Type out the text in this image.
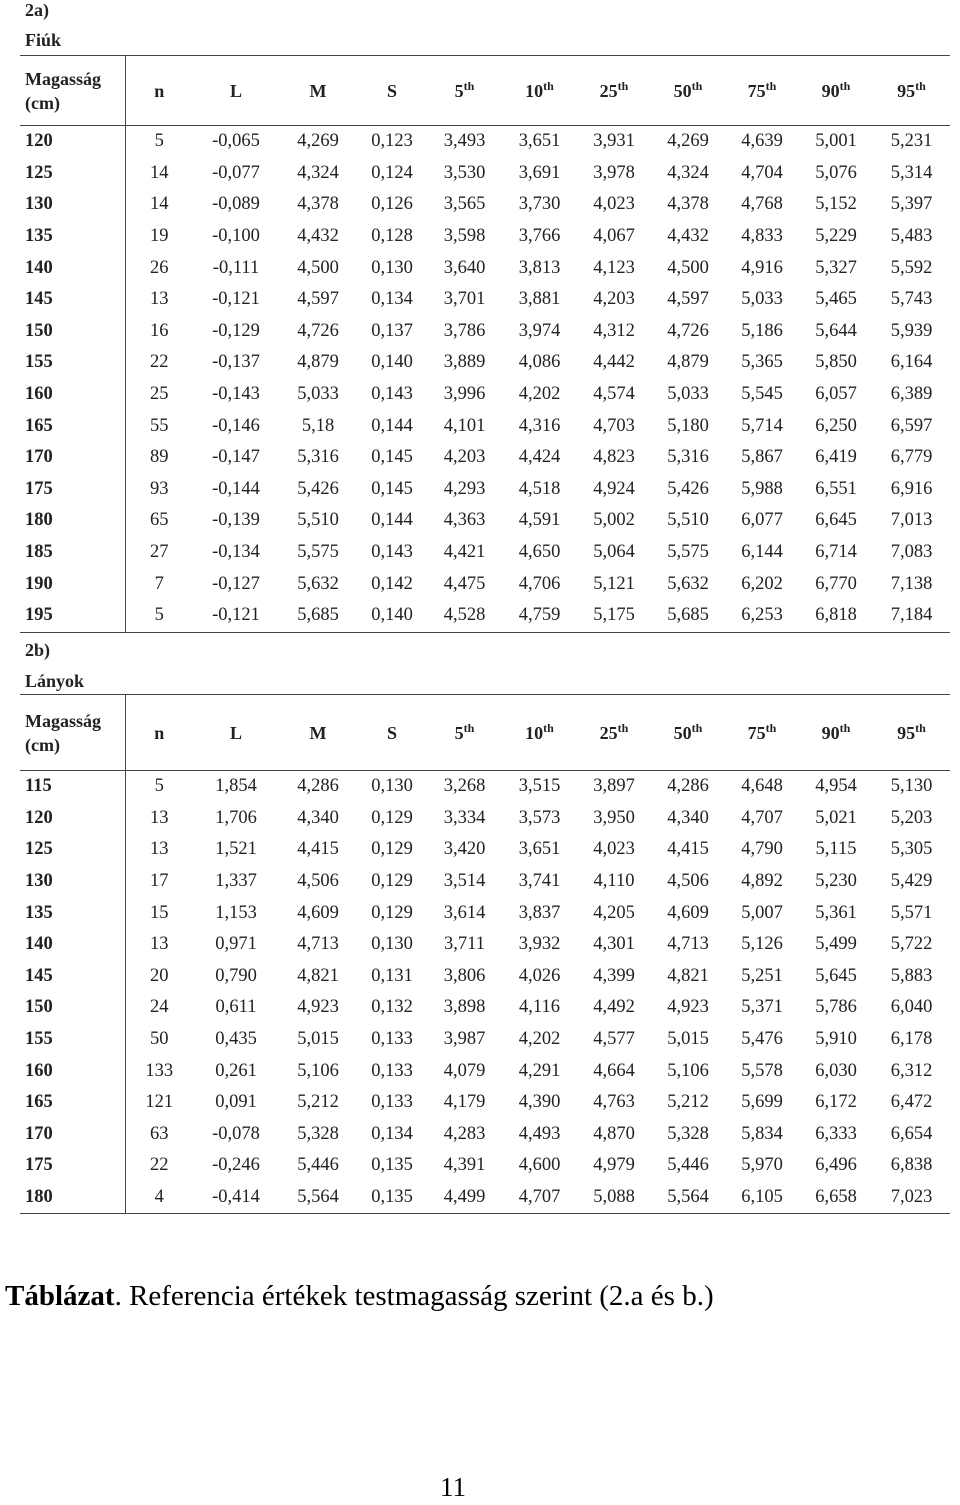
2a)
Fiúk
Magasság
(cm)	n	L	M	S	5th	10th	25th	50th	75th	90th	95th
120	5	-0,065	4,269	0,123	3,493	3,651	3,931	4,269	4,639	5,001	5,231
125	14	-0,077	4,324	0,124	3,530	3,691	3,978	4,324	4,704	5,076	5,314
130	14	-0,089	4,378	0,126	3,565	3,730	4,023	4,378	4,768	5,152	5,397
135	19	-0,100	4,432	0,128	3,598	3,766	4,067	4,432	4,833	5,229	5,483
140	26	-0,111	4,500	0,130	3,640	3,813	4,123	4,500	4,916	5,327	5,592
145	13	-0,121	4,597	0,134	3,701	3,881	4,203	4,597	5,033	5,465	5,743
150	16	-0,129	4,726	0,137	3,786	3,974	4,312	4,726	5,186	5,644	5,939
155	22	-0,137	4,879	0,140	3,889	4,086	4,442	4,879	5,365	5,850	6,164
160	25	-0,143	5,033	0,143	3,996	4,202	4,574	5,033	5,545	6,057	6,389
165	55	-0,146	5,18	0,144	4,101	4,316	4,703	5,180	5,714	6,250	6,597
170	89	-0,147	5,316	0,145	4,203	4,424	4,823	5,316	5,867	6,419	6,779
175	93	-0,144	5,426	0,145	4,293	4,518	4,924	5,426	5,988	6,551	6,916
180	65	-0,139	5,510	0,144	4,363	4,591	5,002	5,510	6,077	6,645	7,013
185	27	-0,134	5,575	0,143	4,421	4,650	5,064	5,575	6,144	6,714	7,083
190	7	-0,127	5,632	0,142	4,475	4,706	5,121	5,632	6,202	6,770	7,138
195	5	-0,121	5,685	0,140	4,528	4,759	5,175	5,685	6,253	6,818	7,184
2b)
Lányok
Magasság
(cm)	n	L	M	S	5th	10th	25th	50th	75th	90th	95th
115	5	1,854	4,286	0,130	3,268	3,515	3,897	4,286	4,648	4,954	5,130
120	13	1,706	4,340	0,129	3,334	3,573	3,950	4,340	4,707	5,021	5,203
125	13	1,521	4,415	0,129	3,420	3,651	4,023	4,415	4,790	5,115	5,305
130	17	1,337	4,506	0,129	3,514	3,741	4,110	4,506	4,892	5,230	5,429
135	15	1,153	4,609	0,129	3,614	3,837	4,205	4,609	5,007	5,361	5,571
140	13	0,971	4,713	0,130	3,711	3,932	4,301	4,713	5,126	5,499	5,722
145	20	0,790	4,821	0,131	3,806	4,026	4,399	4,821	5,251	5,645	5,883
150	24	0,611	4,923	0,132	3,898	4,116	4,492	4,923	5,371	5,786	6,040
155	50	0,435	5,015	0,133	3,987	4,202	4,577	5,015	5,476	5,910	6,178
160	133	0,261	5,106	0,133	4,079	4,291	4,664	5,106	5,578	6,030	6,312
165	121	0,091	5,212	0,133	4,179	4,390	4,763	5,212	5,699	6,172	6,472
170	63	-0,078	5,328	0,134	4,283	4,493	4,870	5,328	5,834	6,333	6,654
175	22	-0,246	5,446	0,135	4,391	4,600	4,979	5,446	5,970	6,496	6,838
180	4	-0,414	5,564	0,135	4,499	4,707	5,088	5,564	6,105	6,658	7,023
Táblázat. Referencia értékek testmagasság szerint (2.a és b.)
11
